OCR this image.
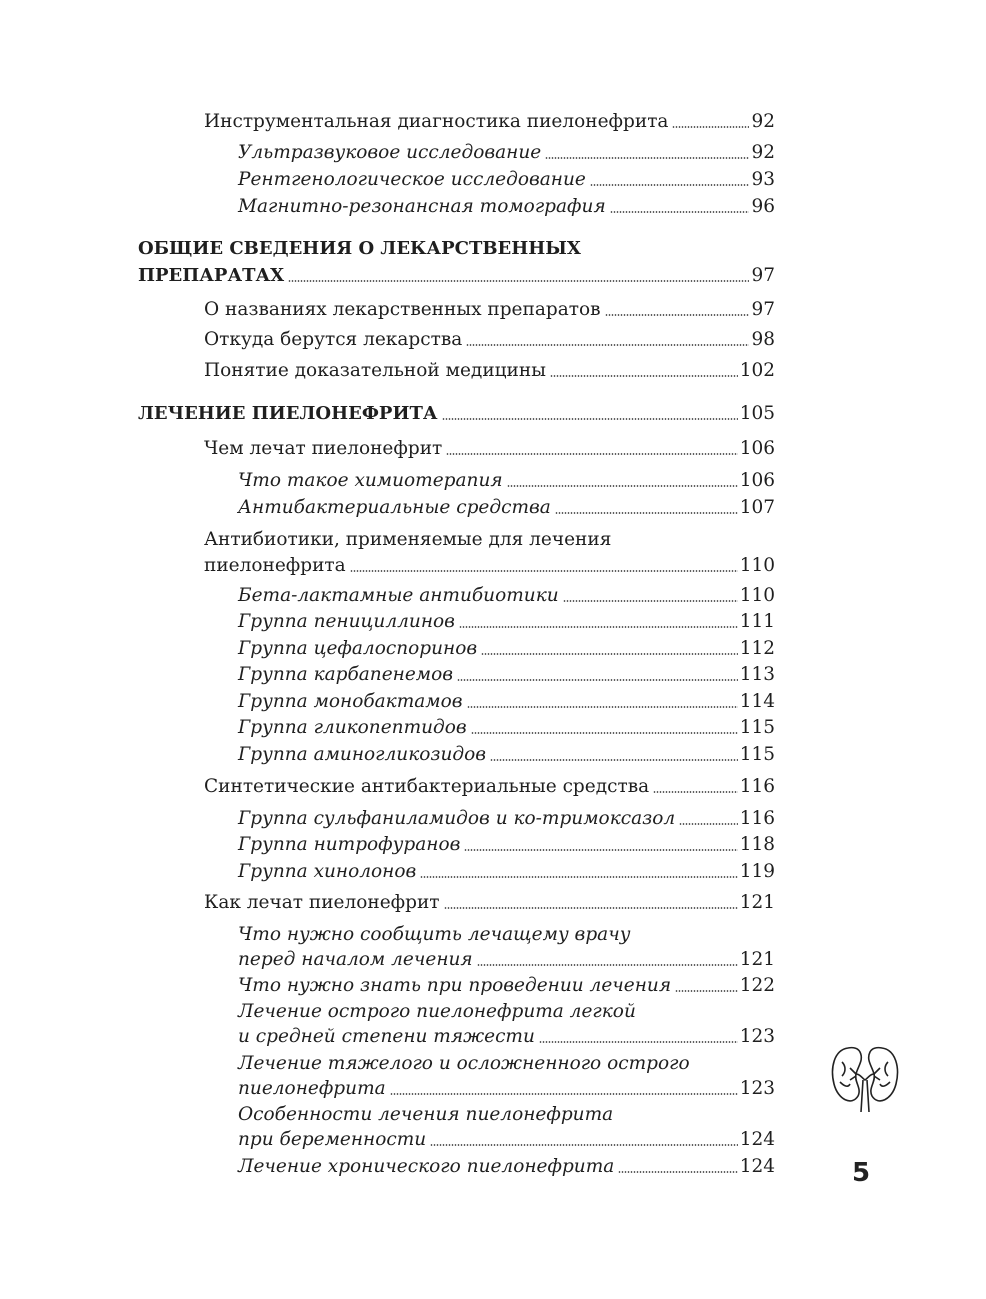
Инструментальная диагностика пиелонефрита	92
Ультразвуковое исследование	92
Рентгенологическое исследование	93
Магнитно-резонансная томография	96
ОБЩИЕ СВЕДЕНИЯ О ЛЕКАРСТВЕННЫХ
ПРЕПАРАТАХ	97
О названиях лекарственных препаратов	97
Откуда берутся лекарства	98
Понятие доказательной медицины	102
ЛЕЧЕНИЕ ПИЕЛОНЕФРИТА	105
Чем лечат пиелонефрит	106
Что такое химиотерапия	106
Антибактериальные средства	107
Антибиотики, применяемые для лечения
пиелонефрита	110
Бета-лактамные антибиотики	110
Группа пенициллинов	111
Группа цефалоспоринов	112
Группа карбапенемов	113
Группа монобактамов	114
Группа гликопептидов	115
Группа аминогликозидов	115
Синтетические антибактериальные средства	116
Группа сульфаниламидов и ко-тримоксазол	116
Группа нитрофуранов	118
Группа хинолонов	119
Как лечат пиелонефрит	121
Что нужно сообщить лечащему врачу
перед началом лечения	121
Что нужно знать при проведении лечения	122
Лечение острого пиелонефрита легкой
и средней степени тяжести	123
Лечение тяжелого и осложненного острого
пиелонефрита	123
Особенности лечения пиелонефрита
при беременности	124
Лечение хронического пиелонефрита	124	5
